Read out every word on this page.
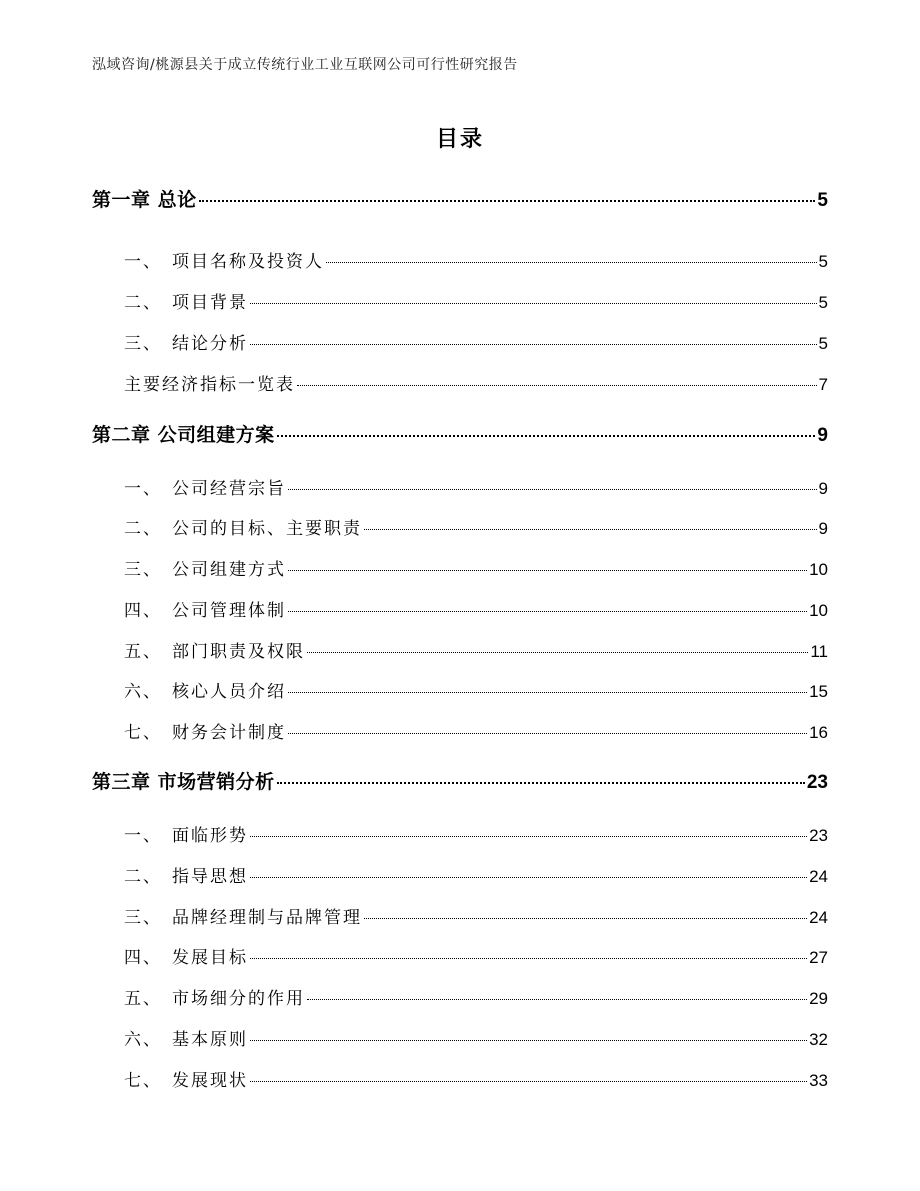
泓域咨询/桃源县关于成立传统行业工业互联网公司可行性研究报告
目录
第一章 总论	5
一、 项目名称及投资人	5
二、 项目背景	5
三、 结论分析	5
主要经济指标一览表	7
第二章 公司组建方案	9
一、 公司经营宗旨	9
二、 公司的目标、主要职责	9
三、 公司组建方式	10
四、 公司管理体制	10
五、 部门职责及权限	11
六、 核心人员介绍	15
七、 财务会计制度	16
第三章 市场营销分析	23
一、 面临形势	23
二、 指导思想	24
三、 品牌经理制与品牌管理	24
四、 发展目标	27
五、 市场细分的作用	29
六、 基本原则	32
七、 发展现状	33
